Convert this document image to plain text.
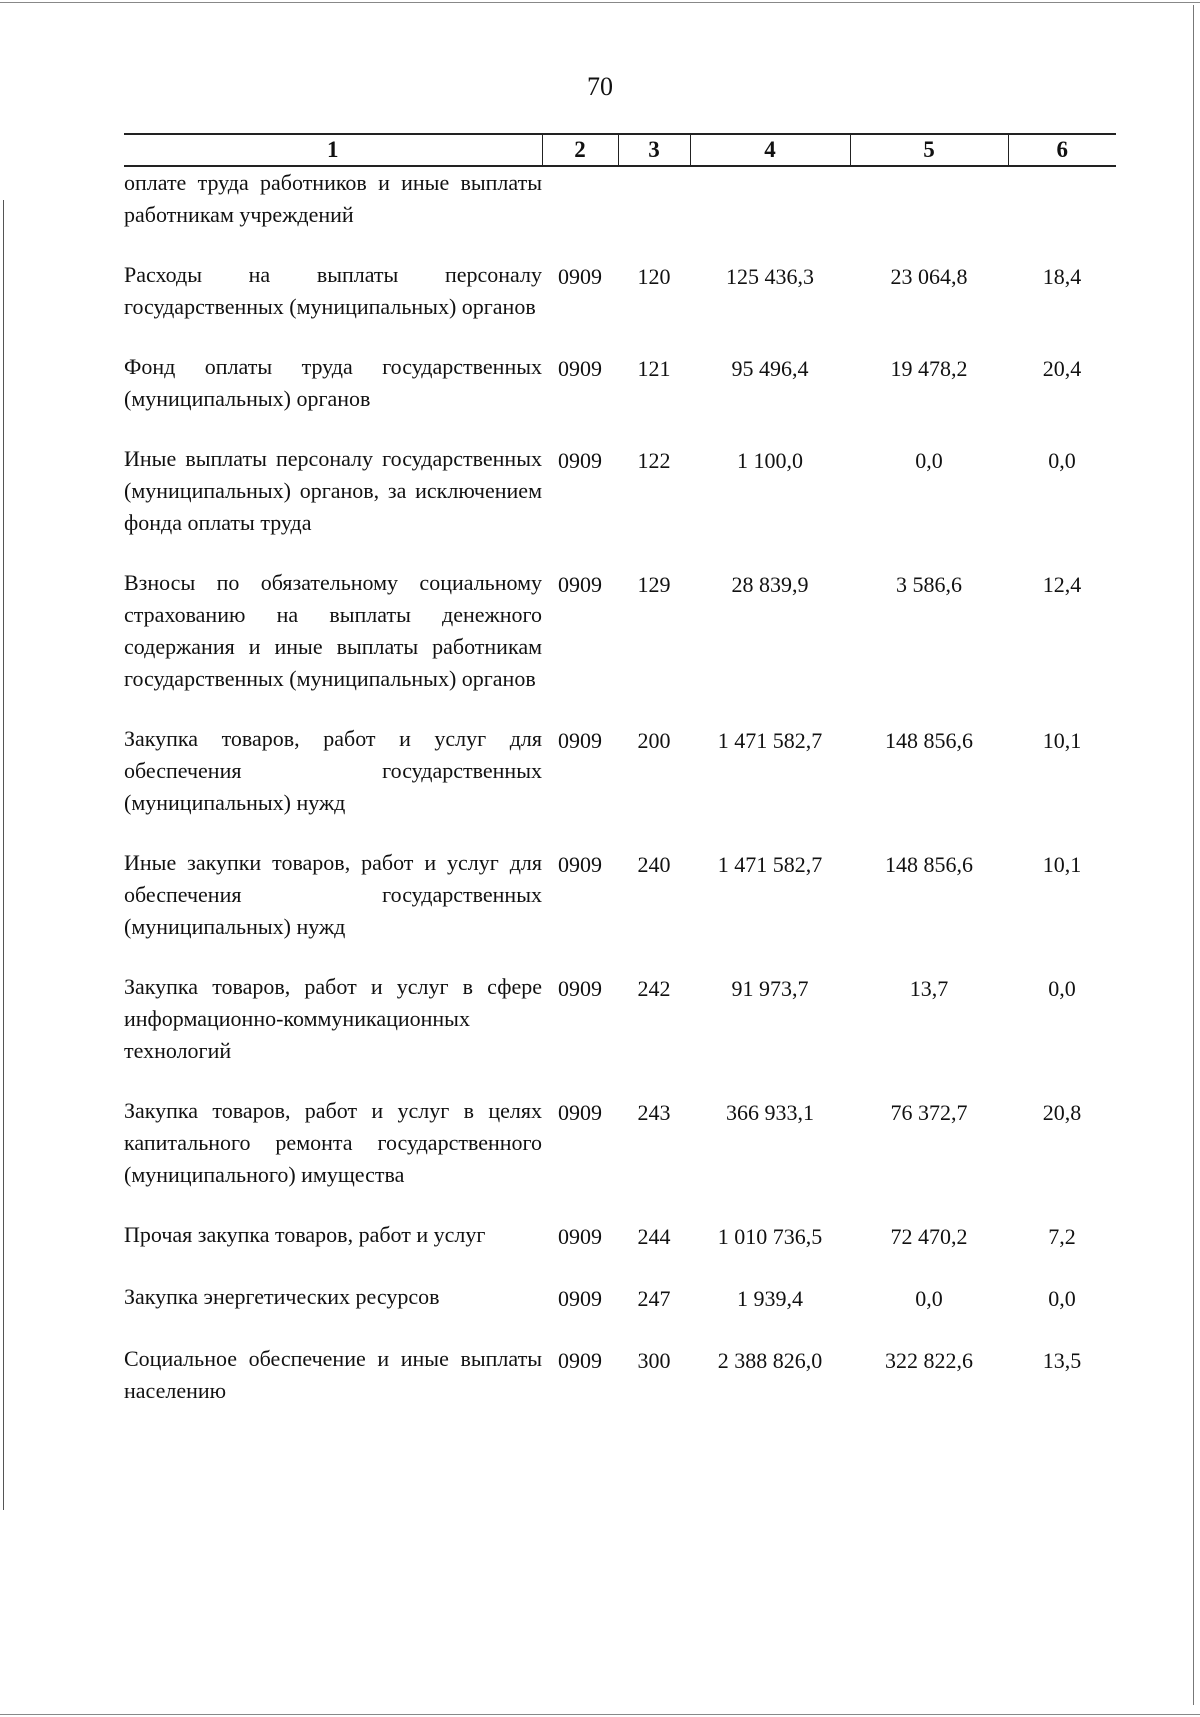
70
1	2	3	4	5	6
оплате труда работников и иные выплаты работникам учреждений					
Расходы на выплаты персоналу государственных (муниципальных) органов	0909	120	125 436,3	23 064,8	18,4
Фонд оплаты труда государственных (муниципальных) органов	0909	121	95 496,4	19 478,2	20,4
Иные выплаты персоналу государственных (муниципальных) органов, за исключением фонда оплаты труда	0909	122	1 100,0	0,0	0,0
Взносы по обязательному социальному страхованию на выплаты денежного содержания и иные выплаты работникам государственных (муниципальных) органов	0909	129	28 839,9	3 586,6	12,4
Закупка товаров, работ и услуг для обеспечения государственных (муниципальных) нужд	0909	200	1 471 582,7	148 856,6	10,1
Иные закупки товаров, работ и услуг для обеспечения государственных (муниципальных) нужд	0909	240	1 471 582,7	148 856,6	10,1
Закупка товаров, работ и услуг в сфере информационно-коммуникационных технологий	0909	242	91 973,7	13,7	0,0
Закупка товаров, работ и услуг в целях капитального ремонта государственного (муниципального) имущества	0909	243	366 933,1	76 372,7	20,8
Прочая закупка товаров, работ и услуг	0909	244	1 010 736,5	72 470,2	7,2
Закупка энергетических ресурсов	0909	247	1 939,4	0,0	0,0
Социальное обеспечение и иные выплаты населению	0909	300	2 388 826,0	322 822,6	13,5
